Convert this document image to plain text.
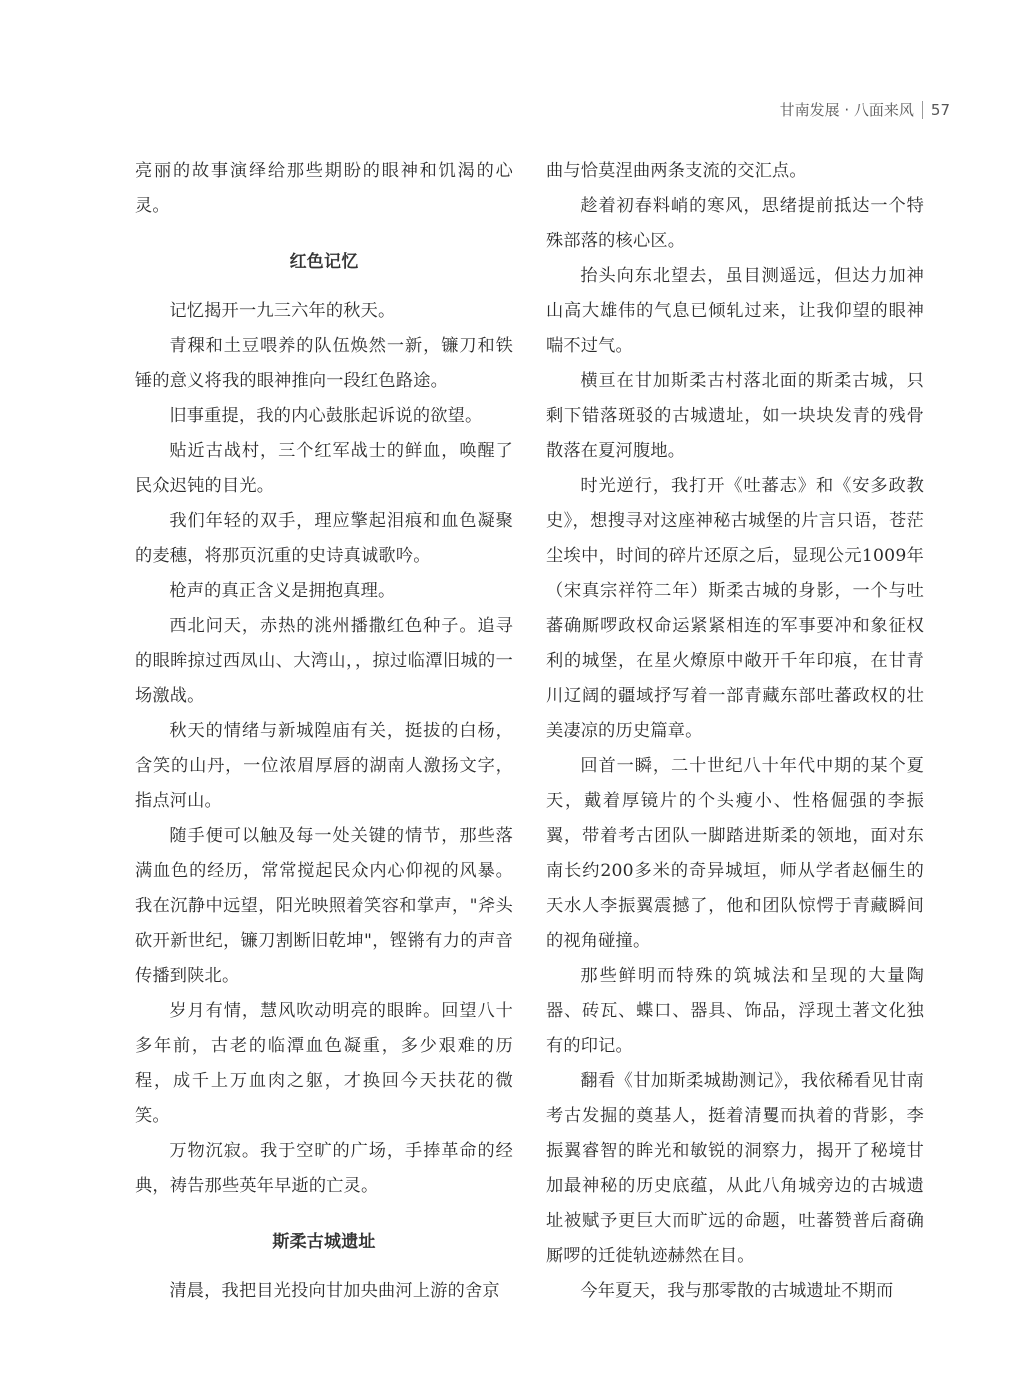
甘南发展 · 八面来风 57

亮丽的故事演绎给那些期盼的眼神和饥渴的心灵。

红色记忆

记忆揭开一九三六年的秋天。

青稞和土豆喂养的队伍焕然一新，镰刀和铁锤的意义将我的眼神推向一段红色路途。

旧事重提，我的内心鼓胀起诉说的欲望。

贴近古战村，三个红军战士的鲜血，唤醒了民众迟钝的目光。

我们年轻的双手，理应擎起泪痕和血色凝聚的麦穗，将那页沉重的史诗真诚歌吟。

枪声的真正含义是拥抱真理。

西北问天，赤热的洮州播撒红色种子。追寻的眼眸掠过西凤山、大湾山，，掠过临潭旧城的一场激战。

秋天的情绪与新城隍庙有关，挺拔的白杨，含笑的山丹，一位浓眉厚唇的湖南人激扬文字，指点河山。

随手便可以触及每一处关键的情节，那些落满血色的经历，常常搅起民众内心仰视的风暴。我在沉静中远望，阳光映照着笑容和掌声，"斧头砍开新世纪，镰刀割断旧乾坤"，铿锵有力的声音传播到陕北。

岁月有情，慧风吹动明亮的眼眸。回望八十多年前，古老的临潭血色凝重，多少艰难的历程，成千上万血肉之躯，才换回今天扶花的微笑。

万物沉寂。我于空旷的广场，手捧革命的经典，祷告那些英年早逝的亡灵。

斯柔古城遗址

清晨，我把目光投向甘加央曲河上游的舍京

曲与恰莫涅曲两条支流的交汇点。

趁着初春料峭的寒风，思绪提前抵达一个特殊部落的核心区。

抬头向东北望去，虽目测遥远，但达力加神山高大雄伟的气息已倾轧过来，让我仰望的眼神喘不过气。

横亘在甘加斯柔古村落北面的斯柔古城，只剩下错落斑驳的古城遗址，如一块块发青的残骨散落在夏河腹地。

时光逆行，我打开《吐蕃志》和《安多政教史》，想搜寻对这座神秘古城堡的片言只语，苍茫尘埃中，时间的碎片还原之后，显现公元1009年（宋真宗祥符二年）斯柔古城的身影，一个与吐蕃确厮啰政权命运紧紧相连的军事要冲和象征权利的城堡，在星火燎原中敞开千年印痕，在甘青川辽阔的疆域抒写着一部青藏东部吐蕃政权的壮美凄凉的历史篇章。

回首一瞬，二十世纪八十年代中期的某个夏天，戴着厚镜片的个头瘦小、性格倔强的李振翼，带着考古团队一脚踏进斯柔的领地，面对东南长约200多米的奇异城垣，师从学者赵俪生的天水人李振翼震撼了，他和团队惊愕于青藏瞬间的视角碰撞。

那些鲜明而特殊的筑城法和呈现的大量陶器、砖瓦、蝶口、器具、饰品，浮现土著文化独有的印记。

翻看《甘加斯柔城勘测记》，我依稀看见甘南考古发掘的奠基人，挺着清矍而执着的背影，李振翼睿智的眸光和敏锐的洞察力，揭开了秘境甘加最神秘的历史底蕴，从此八角城旁边的古城遗址被赋予更巨大而旷远的命题，吐蕃赞普后裔确厮啰的迁徙轨迹赫然在目。

今年夏天，我与那零散的古城遗址不期而
